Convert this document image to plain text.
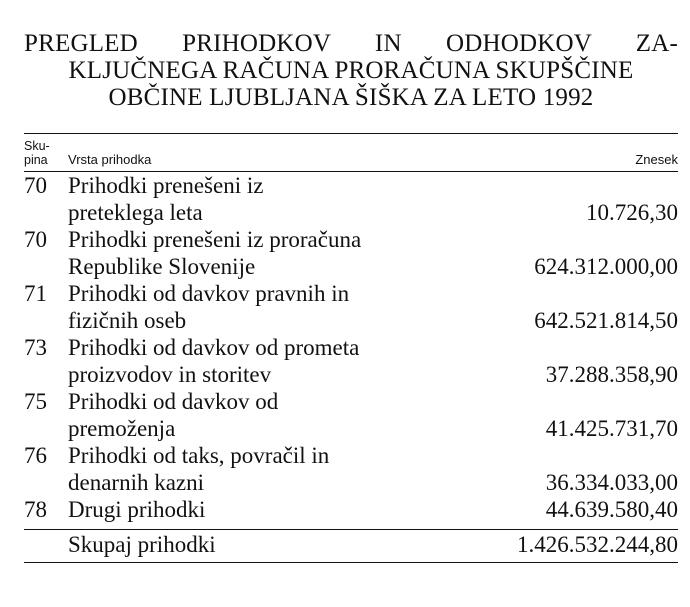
PREGLED PRIHODKOV IN ODHODKOV ZA-
KLJUČNEGA RAČUNA PRORAČUNA SKUPŠČINE
OBČINE LJUBLJANA ŠIŠKA ZA LETO 1992
Sku-
pina	Vrsta prihodka	Znesek
70 Prihodki prenešeni iz
preteklega leta	10.726,30
70 Prihodki prenešeni iz proračuna
Republike Slovenije	624.312.000,00
71 Prihodki od davkov pravnih in
fizičnih oseb	642.521.814,50
73 Prihodki od davkov od prometa
proizvodov in storitev	37.288.358,90
75 Prihodki od davkov od
premoženja	41.425.731,70
76 Prihodki od taks, povračil in
denarnih kazni	36.334.033,00
78 Drugi prihodki	44.639.580,40
Skupaj prihodki	1.426.532.244,80
